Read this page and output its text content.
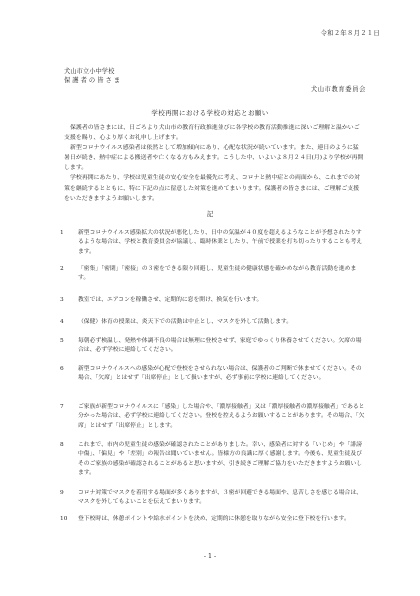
令和２年８月２１日
犬山市立小中学校
保 護 者 の 皆 さ ま
犬山市教育委員会
学校再開における学校の対応とお願い

保護者の皆さまには、日ごろより犬山市の教育行政推進並びに各学校の教育活動推進に深いご理解と温かいご支援を賜り、心より厚くお礼申し上げます。

新型コロナウイルス感染者は依然として増加傾向にあり、心配な状況が続いています。また、連日のように猛暑日が続き、熱中症による搬送者や亡くなる方もみえます。こうした中、いよいよ８月２４日(月)より学校が再開します。

学校再開にあたり、学校は児童生徒の安心安全を最優先に考え、コロナと熱中症との両面から、これまでの対策を継続するとともに、特に下記の点に留意した対策を進めてまいります。保護者の皆さまには、ご理解ご支援をいただきますようお願いします。

記
1 新型コロナウイルス感染拡大の状況が悪化したり、日中の気温が４０度を超えるようなことが予想されたりするような場合は、学校と教育委員会が協議し、臨時休業としたり、午前で授業を打ち切ったりすることも考えます。
2 「密集」「密閉」「密接」の３密をできる限り回避し、児童生徒の健康状態を確かめながら教育活動を進めます。
3 教室では、エアコンを稼働させ、定期的に窓を開け、換気を行います。
4 （保健）体育の授業は、炎天下での活動は中止とし、マスクを外して活動します。
5 毎朝必ず検温し、発熱や体調不良の場合は無理に登校させず、家庭でゆっくり休養させてください。欠席の場合は、必ず学校に連絡してください。
6 新型コロナウイルスへの感染が心配で登校をさせられない場合は、保護者のご判断で休ませてください。その場合、「欠席」とはせず「出席停止」として扱いますが、必ず事前に学校に連絡してください。
7 ご家族が新型コロナウイルスに「感染」した場合や、「濃厚接触者」又は「濃厚接触者の濃厚接触者」であると分かった場合は、必ず学校に連絡してください。登校を控えるようお願いすることがあります。その場合、「欠席」とはせず「出席停止」とします。
8 これまで、市内の児童生徒の感染が確認されたことがありました。幸い、感染者に対する「いじめ」や「誹謗中傷」、「偏見」や「差別」の報告は聞いていません。皆様方の良識に厚く感謝します。今後も、児童生徒及びそのご家族の感染が確認されることがあると思いますが、引き続きご理解ご協力をいただきますようお願いします。
9 コロナ対策でマスクを着用する場面が多くありますが、３密が回避できる場面や、息苦しさを感じる場合は、マスクを外してもよいことを伝えてまいります。
10 登下校時は、休憩ポイントや給水ポイントを決め、定期的に休憩を取りながら安全に登下校を行います。
- 1 -
